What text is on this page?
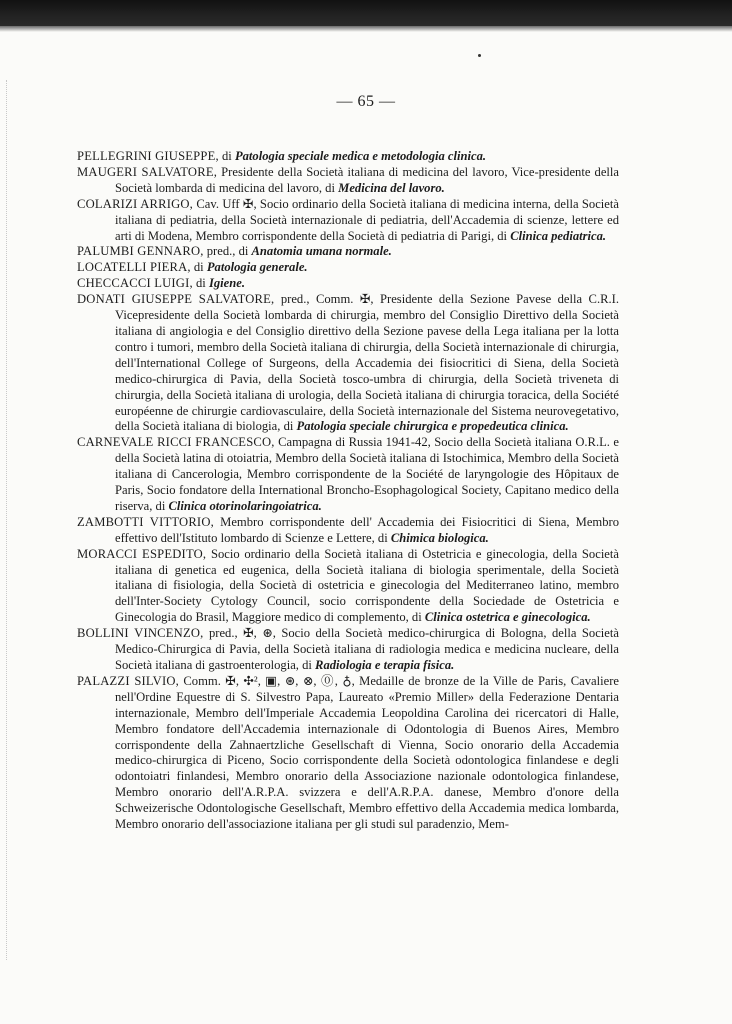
— 65 —

PELLEGRINI GIUSEPPE, di Patologia speciale medica e metodologia clinica.

MAUGERI SALVATORE, Presidente della Società italiana di medicina del lavoro, Vice-presidente della Società lombarda di medicina del lavoro, di Medicina del lavoro.

COLARIZI ARRIGO, Cav. Uff ✠, Socio ordinario della Società italiana di medicina interna, della Società italiana di pediatria, della Società internazionale di pediatria, dell'Accademia di scienze, lettere ed arti di Modena, Membro corrispondente della Società di pediatria di Parigi, di Clinica pediatrica.

PALUMBI GENNARO, pred., di Anatomia umana normale.

LOCATELLI PIERA, di Patologia generale.

CHECCACCI LUIGI, di Igiene.

DONATI GIUSEPPE SALVATORE, pred., Comm. ✠, Presidente della Sezione Pavese della C.R.I. Vicepresidente della Società lombarda di chirurgia, membro del Consiglio Direttivo della Società italiana di angiologia e del Consiglio direttivo della Sezione pavese della Lega italiana per la lotta contro i tumori, membro della Società italiana di chirurgia, della Società internazionale di chirurgia, dell'International College of Surgeons, della Accademia dei fisiocritici di Siena, della Società medico-chirurgica di Pavia, della Società tosco-umbra di chirurgia, della Società triveneta di chirurgia, della Società italiana di urologia, della Società italiana di chirurgia toracica, della Société européenne de chirurgie cardiovasculaire, della Società internazionale del Sistema neurovegetativo, della Società italiana di biologia, di Patologia speciale chirurgica e propedeutica clinica.

CARNEVALE RICCI FRANCESCO, Campagna di Russia 1941-42, Socio della Società italiana O.R.L. e della Società latina di otoiatria, Membro della Società italiana di Istochimica, Membro della Società italiana di Cancerologia, Membro corrispondente de la Société de laryngologie des Hôpitaux de Paris, Socio fondatore della International Broncho-Esophagological Society, Capitano medico della riserva, di Clinica otorinolaringoiatrica.

ZAMBOTTI VITTORIO, Membro corrispondente dell' Accademia dei Fisiocritici di Siena, Membro effettivo dell'Istituto lombardo di Scienze e Lettere, di Chimica biologica.

MORACCI ESPEDITO, Socio ordinario della Società italiana di Ostetricia e ginecologia, della Società italiana di genetica ed eugenica, della Società italiana di biologia sperimentale, della Società italiana di fisiologia, della Società di ostetricia e ginecologia del Mediterraneo latino, membro dell'Inter-Society Cytology Council, socio corrispondente della Sociedade de Ostetricia e Ginecologia do Brasil, Maggiore medico di complemento, di Clinica ostetrica e ginecologica.

BOLLINI VINCENZO, pred., ✠, ⊛, Socio della Società medico-chirurgica di Bologna, della Società Medico-Chirurgica di Pavia, della Società italiana di radiologia medica e medicina nucleare, della Società italiana di gastroenterologia, di Radiologia e terapia fisica.

PALAZZI SILVIO, Comm. ✠, ✣², ▣, ⊛, ⊗, ⓪, ♁, Medaille de bronze de la Ville de Paris, Cavaliere nell'Ordine Equestre di S. Silvestro Papa, Laureato «Premio Miller» della Federazione Dentaria internazionale, Membro dell'Imperiale Accademia Leopoldina Carolina dei ricercatori di Halle, Membro fondatore dell'Accademia internazionale di Odontologia di Buenos Aires, Membro corrispondente della Zahnaertzliche Gesellschaft di Vienna, Socio onorario della Accademia medico-chirurgica di Piceno, Socio corrispondente della Società odontologica finlandese e degli odontoiatri finlandesi, Membro onorario della Associazione nazionale odontologica finlandese, Membro onorario dell'A.R.P.A. svizzera e dell'A.R.P.A. danese, Membro d'onore della Schweizerische Odontologische Gesellschaft, Membro effettivo della Accademia medica lombarda, Membro onorario dell'associazione italiana per gli studi sul paradenzio, Mem-
